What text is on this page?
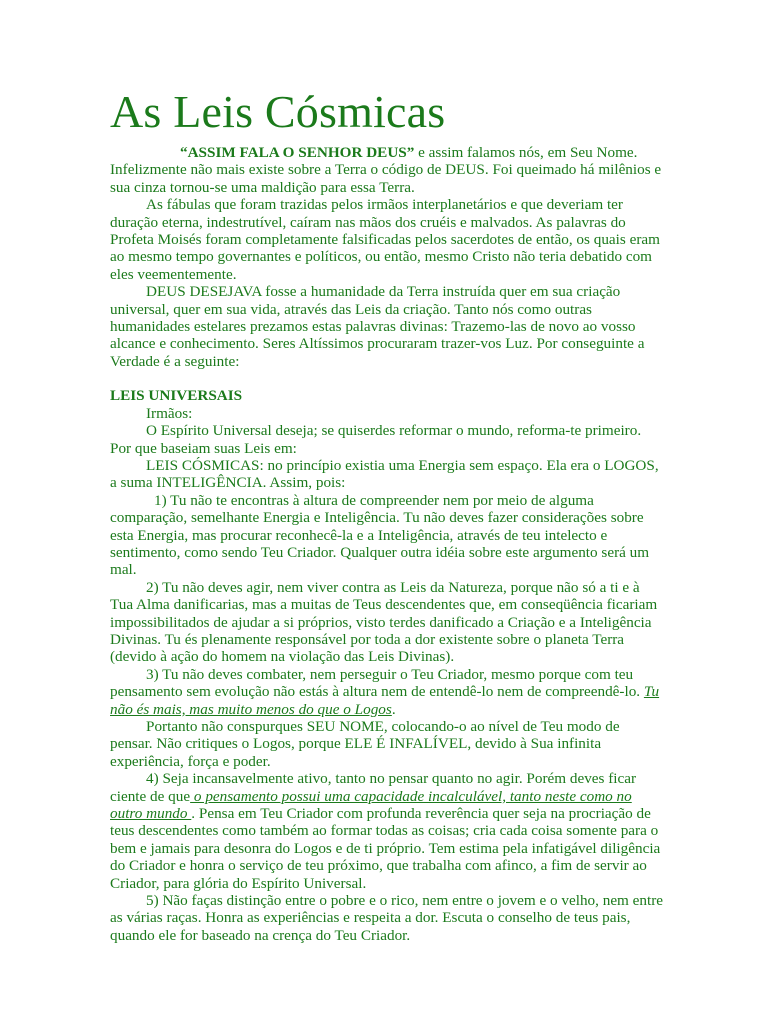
As Leis Cósmicas

“ASSIM FALA O SENHOR DEUS” e assim falamos nós, em Seu Nome. Infelizmente não mais existe sobre a Terra o código de DEUS. Foi queimado há milênios e sua cinza tornou-se uma maldição para essa Terra.

As fábulas que foram trazidas pelos irmãos interplanetários e que deveriam ter duração eterna, indestrutível, caíram nas mãos dos cruéis e malvados. As palavras do Profeta Moisés foram completamente falsificadas pelos sacerdotes de então, os quais eram ao mesmo tempo governantes e políticos, ou então, mesmo Cristo não teria debatido com eles veementemente.

DEUS DESEJAVA fosse a humanidade da Terra instruída quer em sua criação universal, quer em sua vida, através das Leis da criação. Tanto nós como outras humanidades estelares prezamos estas palavras divinas: Trazemo-las de novo ao vosso alcance e conhecimento. Seres Altíssimos procuraram trazer-vos Luz. Por conseguinte a Verdade é a seguinte:

LEIS UNIVERSAIS

Irmãos:

O Espírito Universal deseja; se quiserdes reformar o mundo, reforma-te primeiro. Por que baseiam suas Leis em:

LEIS CÓSMICAS: no princípio existia uma Energia sem espaço. Ela era o LOGOS, a suma INTELIGÊNCIA. Assim, pois:

1) Tu não te encontras à altura de compreender nem por meio de alguma comparação, semelhante Energia e Inteligência. Tu não deves fazer considerações sobre esta Energia, mas procurar reconhecê-la e a Inteligência, através de teu intelecto e sentimento, como sendo Teu Criador. Qualquer outra idéia sobre este argumento será um mal.

2) Tu não deves agir, nem viver contra as Leis da Natureza, porque não só a ti e à Tua Alma danificarias, mas a muitas de Teus descendentes que, em conseqüência ficariam impossibilitados de ajudar a si próprios, visto terdes danificado a Criação e a Inteligência Divinas. Tu és plenamente responsável por toda a dor existente sobre o planeta Terra (devido à ação do homem na violação das Leis Divinas).

3) Tu não deves combater, nem perseguir o Teu Criador, mesmo porque com teu pensamento sem evolução não estás à altura nem de entendê-lo nem de compreendê-lo. Tu não és mais, mas muito menos do que o Logos.

Portanto não conspurques SEU NOME, colocando-o ao nível de Teu modo de pensar. Não critiques o Logos, porque ELE É INFALÍVEL, devido à Sua infinita experiência, força e poder.

4) Seja incansavelmente ativo, tanto no pensar quanto no agir. Porém deves ficar ciente de que o pensamento possui uma capacidade incalculável, tanto neste como no outro mundo . Pensa em Teu Criador com profunda reverência quer seja na procriação de teus descendentes como também ao formar todas as coisas; cria cada coisa somente para o bem e jamais para desonra do Logos e de ti próprio. Tem estima pela infatigável diligência do Criador e honra o serviço de teu próximo, que trabalha com afinco, a fim de servir ao Criador, para glória do Espírito Universal.

5) Não faças distinção entre o pobre e o rico, nem entre o jovem e o velho, nem entre as várias raças. Honra as experiências e respeita a dor. Escuta o conselho de teus pais, quando ele for baseado na crença do Teu Criador.
